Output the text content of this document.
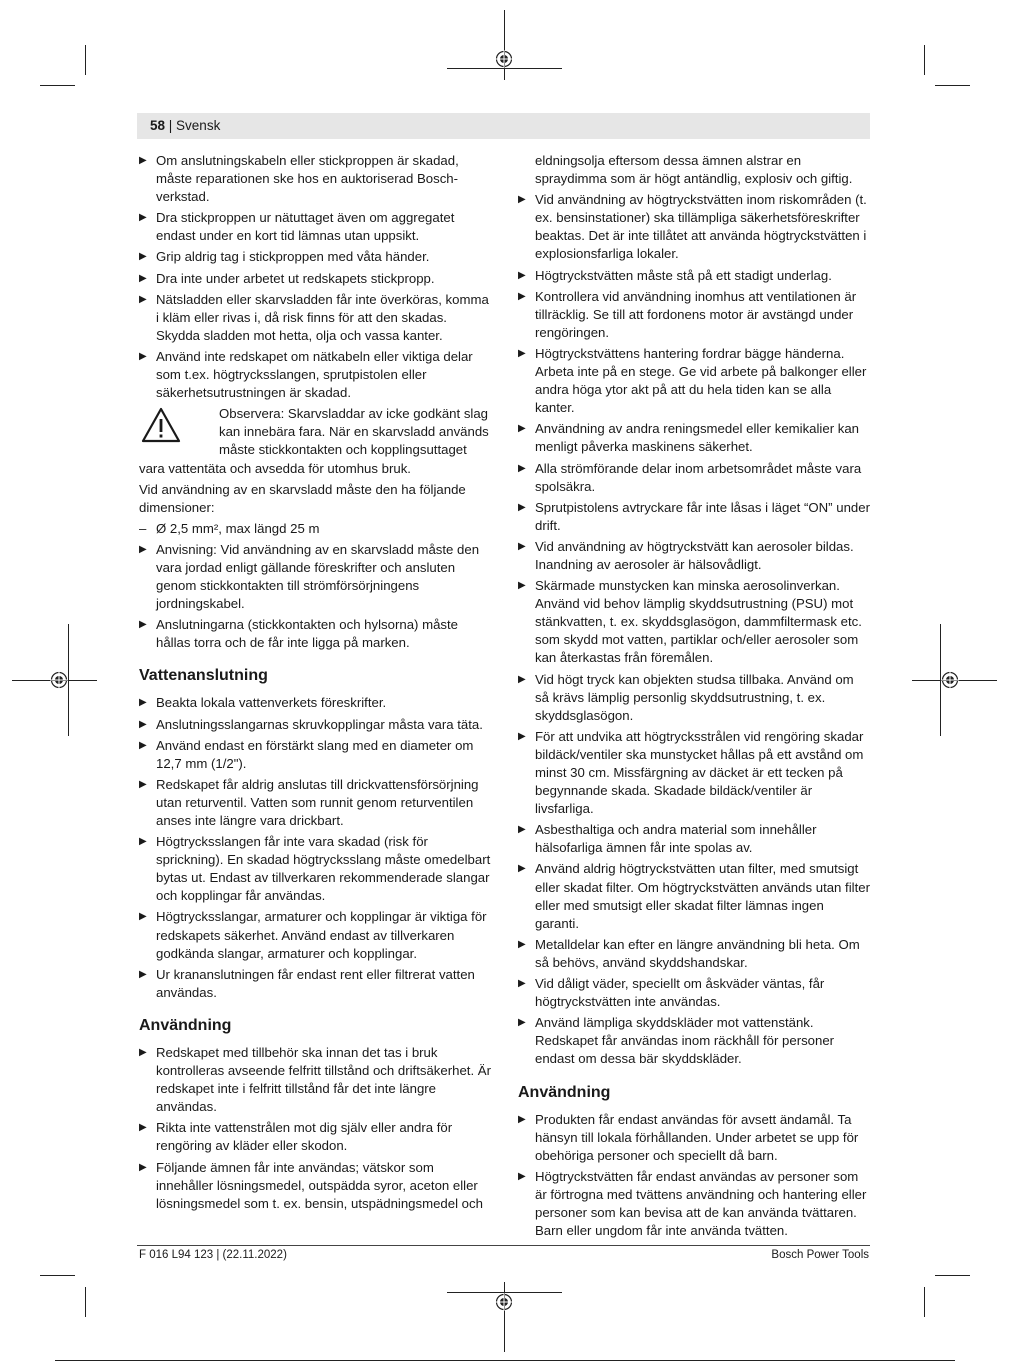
58 | Svensk
▶ Om anslutningskabeln eller stickproppen är skadad, måste reparationen ske hos en auktoriserad Bosch-verkstad.
▶ Dra stickproppen ur nätuttaget även om aggregatet endast under en kort tid lämnas utan uppsikt.
▶ Grip aldrig tag i stickproppen med våta händer.
▶ Dra inte under arbetet ut redskapets stickpropp.
▶ Nätsladden eller skarvsladden får inte överköras, komma i kläm eller rivas i, då risk finns för att den skadas. Skydda sladden mot hetta, olja och vassa kanter.
▶ Använd inte redskapet om nätkabeln eller viktiga delar som t.ex. högtrycksslangen, sprutpistolen eller säkerhetsutrustningen är skadad.
Observera: Skarvsladdar av icke godkänt slag kan innebära fara. När en skarvsladd används måste stickkontakten och kopplingsuttaget
vara vattentäta och avsedda för utomhus bruk.
Vid användning av en skarvsladd måste den ha följande dimensioner:
– Ø 2,5 mm², max längd 25 m
▶ Anvisning: Vid användning av en skarvsladd måste den vara jordad enligt gällande föreskrifter och ansluten genom stickkontakten till strömförsörjningens jordningskabel.
▶ Anslutningarna (stickkontakten och hylsorna) måste hållas torra och de får inte ligga på marken.
Vattenanslutning
▶ Beakta lokala vattenverkets föreskrifter.
▶ Anslutningsslangarnas skruvkopplingar måsta vara täta.
▶ Använd endast en förstärkt slang med en diameter om 12,7 mm (1/2").
▶ Redskapet får aldrig anslutas till drickvattensförsörjning utan returventil. Vatten som runnit genom returventilen anses inte längre vara drickbart.
▶ Högtrycksslangen får inte vara skadad (risk för sprickning). En skadad högtrycksslang måste omedelbart bytas ut. Endast av tillverkaren rekommenderade slangar och kopplingar får användas.
▶ Högtrycksslangar, armaturer och kopplingar är viktiga för redskapets säkerhet. Använd endast av tillverkaren godkända slangar, armaturer och kopplingar.
▶ Ur krananslutningen får endast rent eller filtrerat vatten användas.
Användning
▶ Redskapet med tillbehör ska innan det tas i bruk kontrolleras avseende felfritt tillstånd och driftsäkerhet. Är redskapet inte i felfritt tillstånd får det inte längre användas.
▶ Rikta inte vattenstrålen mot dig själv eller andra för rengöring av kläder eller skodon.
▶ Följande ämnen får inte användas; vätskor som innehåller lösningsmedel, outspädda syror, aceton eller lösningsmedel som t. ex. bensin, utspädningsmedel och
eldningsolja eftersom dessa ämnen alstrar en spraydimma som är högt antändlig, explosiv och giftig.
▶ Vid användning av högtryckstvätten inom riskområden (t. ex. bensinstationer) ska tillämpliga säkerhetsföreskrifter beaktas. Det är inte tillåtet att använda högtryckstvätten i explosionsfarliga lokaler.
▶ Högtryckstvätten måste stå på ett stadigt underlag.
▶ Kontrollera vid användning inomhus att ventilationen är tillräcklig. Se till att fordonens motor är avstängd under rengöringen.
▶ Högtryckstvättens hantering fordrar bägge händerna. Arbeta inte på en stege. Ge vid arbete på balkonger eller andra höga ytor akt på att du hela tiden kan se alla kanter.
▶ Användning av andra reningsmedel eller kemikalier kan menligt påverka maskinens säkerhet.
▶ Alla strömförande delar inom arbetsområdet måste vara spolsäkra.
▶ Sprutpistolens avtryckare får inte låsas i läget “ON” under drift.
▶ Vid användning av högtryckstvätt kan aerosoler bildas. Inandning av aerosoler är hälsovådligt.
▶ Skärmade munstycken kan minska aerosolinverkan. Använd vid behov lämplig skyddsutrustning (PSU) mot stänkvatten, t. ex. skyddsglasögon, dammfiltermask etc. som skydd mot vatten, partiklar och/eller aerosoler som kan återkastas från föremålen.
▶ Vid högt tryck kan objekten studsa tillbaka. Använd om så krävs lämplig personlig skyddsutrustning, t. ex. skyddsglasögon.
▶ För att undvika att högtrycksstrålen vid rengöring skadar bildäck/ventiler ska munstycket hållas på ett avstånd om minst 30 cm. Missfärgning av däcket är ett tecken på begynnande skada. Skadade bildäck/ventiler är livsfarliga.
▶ Asbesthaltiga och andra material som innehåller hälsofarliga ämnen får inte spolas av.
▶ Använd aldrig högtryckstvätten utan filter, med smutsigt eller skadat filter. Om högtryckstvätten används utan filter eller med smutsigt eller skadat filter lämnas ingen garanti.
▶ Metalldelar kan efter en längre användning bli heta. Om så behövs, använd skyddshandskar.
▶ Vid dåligt väder, speciellt om åskväder väntas, får högtryckstvätten inte användas.
▶ Använd lämpliga skyddskläder mot vattenstänk. Redskapet får användas inom räckhåll för personer endast om dessa bär skyddskläder.
Användning
▶ Produkten får endast användas för avsett ändamål. Ta hänsyn till lokala förhållanden. Under arbetet se upp för obehöriga personer och speciellt då barn.
▶ Högtryckstvätten får endast användas av personer som är förtrogna med tvättens användning och hantering eller personer som kan bevisa att de kan använda tvättaren. Barn eller ungdom får inte använda tvätten.
F 016 L94 123 | (22.11.2022)	Bosch Power Tools
